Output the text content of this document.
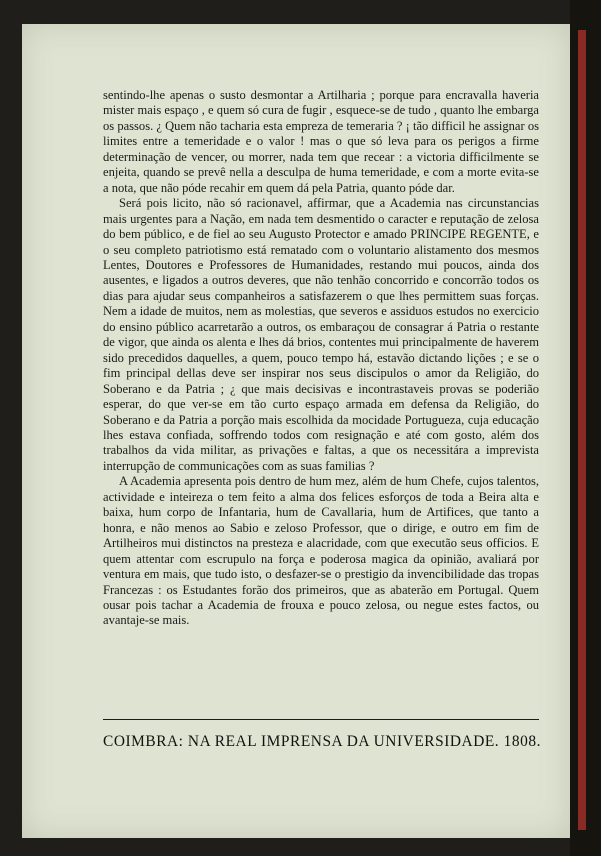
sentindo-lhe apenas o susto desmontar a Artilharia ; porque para encravalla haveria mister mais espaço , e quem só cura de fugir , esquece-se de tudo , quanto lhe embarga os passos. ¿ Quem não tacharia esta empreza de temeraria ? ¡ tão difficil he assignar os limites entre a temeridade e o valor ! mas o que só leva para os perigos a firme determinação de vencer, ou morrer, nada tem que recear : a victoria difficilmente se enjeita, quando se prevê nella a desculpa de huma temeridade, e com a morte evita-se a nota, que não póde recahir em quem dá pela Patria, quanto póde dar.

Será pois licito, não só racionavel, affirmar, que a Academia nas circunstancias mais urgentes para a Nação, em nada tem desmentido o caracter e reputação de zelosa do bem público, e de fiel ao seu Augusto Protector e amado PRINCIPE REGENTE, e o seu completo patriotismo está rematado com o voluntario alistamento dos mesmos Lentes, Doutores e Professores de Humanidades, restando mui poucos, ainda dos ausentes, e ligados a outros deveres, que não tenhão concorrido e concorrão todos os dias para ajudar seus companheiros a satisfazerem o que lhes permittem suas forças. Nem a idade de muitos, nem as molestias, que severos e assiduos estudos no exercicio do ensino público acarretarão a outros, os embaraçou de consagrar á Patria o restante de vigor, que ainda os alenta e lhes dá brios, contentes mui principalmente de haverem sido precedidos daquelles, a quem, pouco tempo há, estavão dictando lições ; e se o fim principal dellas deve ser inspirar nos seus discipulos o amor da Religião, do Soberano e da Patria ; ¿ que mais decisivas e incontrastaveis provas se poderião esperar, do que ver-se em tão curto espaço armada em defensa da Religião, do Soberano e da Patria a porção mais escolhida da mocidade Portugueza, cuja educação lhes estava confiada, soffrendo todos com resignação e até com gosto, além dos trabalhos da vida militar, as privações e faltas, a que os necessitára a imprevista interrupção de communicações com as suas familias ?

A Academia apresenta pois dentro de hum mez, além de hum Chefe, cujos talentos, actividade e inteireza o tem feito a alma dos felices esforços de toda a Beira alta e baixa, hum corpo de Infantaria, hum de Cavallaria, hum de Artifices, que tanto a honra, e não menos ao Sabio e zeloso Professor, que o dirige, e outro em fim de Artilheiros mui distinctos na presteza e alacridade, com que executão seus officios. E quem attentar com escrupulo na força e poderosa magica da opinião, avaliará por ventura em mais, que tudo isto, o desfazer-se o prestigio da invencibilidade das tropas Francezas : os Estudantes forão dos primeiros, que as abaterão em Portugal. Quem ousar pois tachar a Academia de frouxa e pouco zelosa, ou negue estes factos, ou avantaje-se mais.

COIMBRA: NA REAL IMPRENSA DA UNIVERSIDADE. 1808.
